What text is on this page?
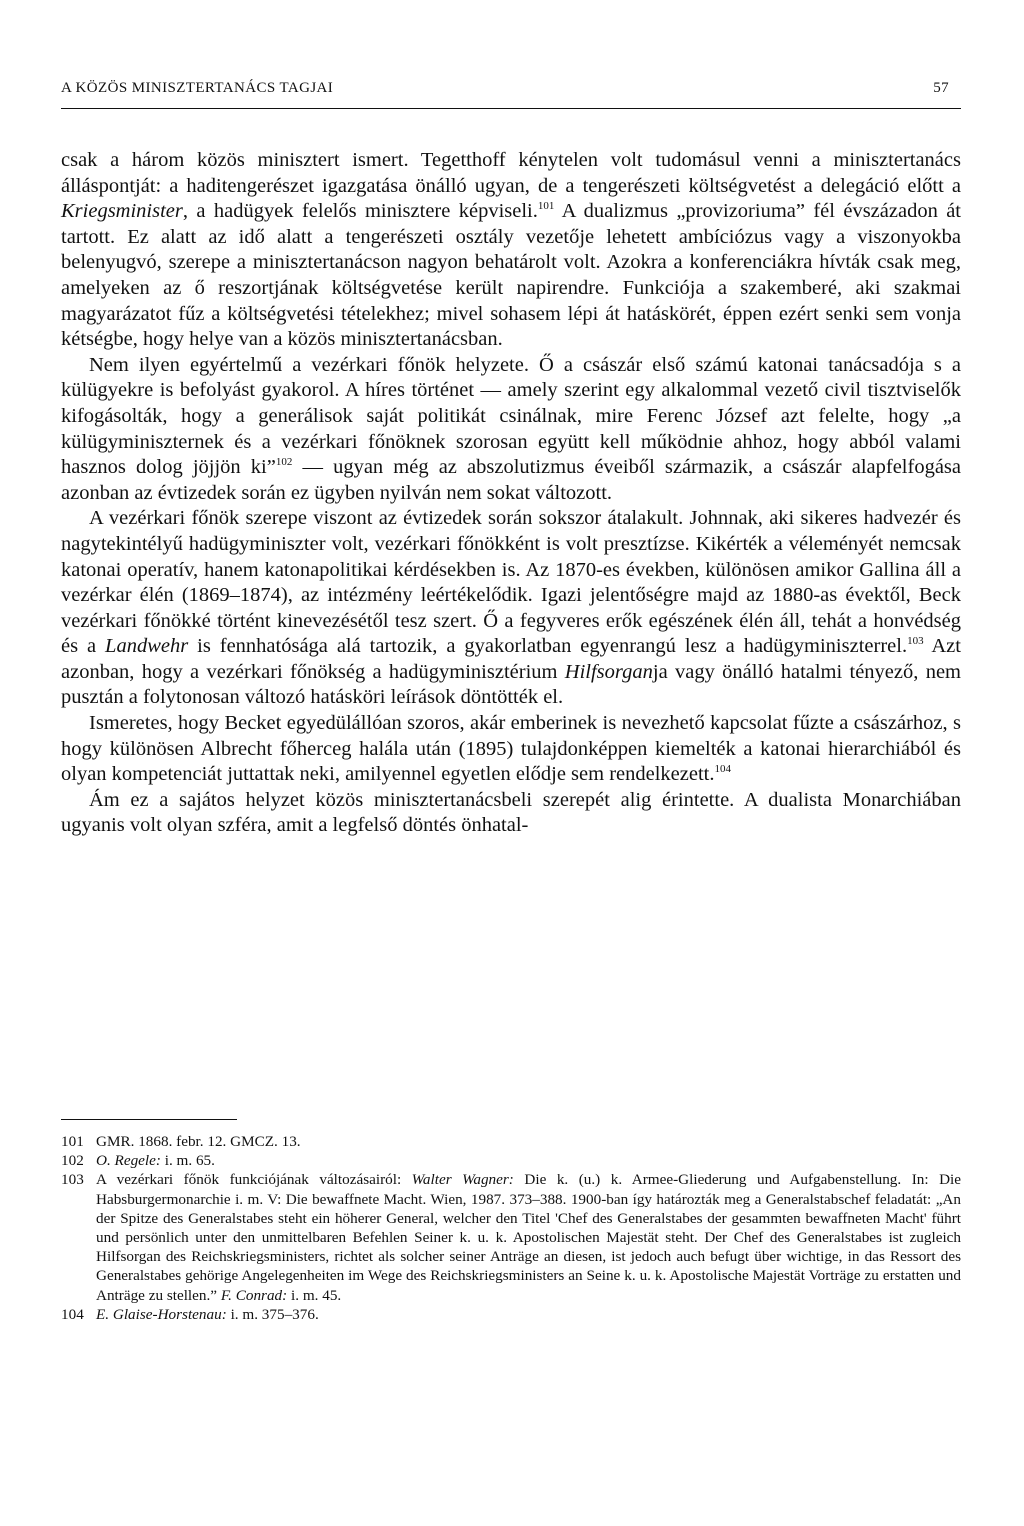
A KÖZÖS MINISZTERTANÁCS TAGJAI	57

csak a három közös minisztert ismert. Tegetthoff kénytelen volt tudomásul venni a minisztertanács álláspontját: a haditengerészet igazgatása önálló ugyan, de a tengerészeti költségvetést a delegáció előtt a Kriegsminister, a hadügyek felelős minisztere képviseli.$^{101}$ A dualizmus „provizoriuma” fél évszázadon át tartott. Ez alatt az idő alatt a tengerészeti osztály vezetője lehetett ambíciózus vagy a viszonyokba belenyugvó, szerepe a minisztertanácson nagyon behatárolt volt. Azokra a konferenciákra hívták csak meg, amelyeken az ő reszortjának költségvetése került napirendre. Funkciója a szakemberé, aki szakmai magyarázatot fűz a költségvetési tételekhez; mivel sohasem lépi át hatáskörét, éppen ezért senki sem vonja kétségbe, hogy helye van a közös minisztertanácsban.

Nem ilyen egyértelmű a vezérkari főnök helyzete. Ő a császár első számú katonai tanácsadója s a külügyekre is befolyást gyakorol. A híres történet — amely szerint egy alkalommal vezető civil tisztviselők kifogásolták, hogy a generálisok saját politikát csinálnak, mire Ferenc József azt felelte, hogy „a külügyminiszternek és a vezérkari főnöknek szorosan együtt kell működnie ahhoz, hogy abból valami hasznos dolog jöjjön ki”$^{102}$ — ugyan még az abszolutizmus éveiből származik, a császár alapfelfogása azonban az évtizedek során ez ügyben nyilván nem sokat változott.

A vezérkari főnök szerepe viszont az évtizedek során sokszor átalakult. Johnnak, aki sikeres hadvezér és nagytekintélyű hadügyminiszter volt, vezérkari főnökként is volt presztízse. Kikérték a véleményét nemcsak katonai operatív, hanem katonapolitikai kérdésekben is. Az 1870-es években, különösen amikor Gallina áll a vezérkar élén (1869–1874), az intézmény leértékelődik. Igazi jelentőségre majd az 1880-as évektől, Beck vezérkari főnökké történt kinevezésétől tesz szert. Ő a fegyveres erők egészének élén áll, tehát a honvédség és a Landwehr is fennhatósága alá tartozik, a gyakorlatban egyenrangú lesz a hadügyminiszterrel.$^{103}$ Azt azonban, hogy a vezérkari főnökség a hadügyminisztérium Hilfsorganja vagy önálló hatalmi tényező, nem pusztán a folytonosan változó hatásköri leírások döntötték el.

Ismeretes, hogy Becket egyedülállóan szoros, akár emberinek is nevezhető kapcsolat fűzte a császárhoz, s hogy különösen Albrecht főherceg halála után (1895) tulajdonképpen kiemelték a katonai hierarchiából és olyan kompetenciát juttattak neki, amilyennel egyetlen elődje sem rendelkezett.$^{104}$

Ám ez a sajátos helyzet közös minisztertanácsbeli szerepét alig érintette. A dualista Monarchiában ugyanis volt olyan szféra, amit a legfelső döntés önhatal-

101 GMR. 1868. febr. 12. GMCZ. 13.

102 O. Regele: i. m. 65.

103 A vezérkari főnök funkciójának változásairól: Walter Wagner: Die k. (u.) k. Armee-Gliederung und Aufgabenstellung. In: Die Habsburgermonarchie i. m. V: Die bewaffnete Macht. Wien, 1987. 373–388. 1900-ban így határozták meg a Generalstabschef feladatát: „An der Spitze des Generalstabes steht ein höherer General, welcher den Titel 'Chef des Generalstabes der gesammten bewaffneten Macht' führt und persönlich unter den unmittelbaren Befehlen Seiner k. u. k. Apostolischen Majestät steht. Der Chef des Generalstabes ist zugleich Hilfsorgan des Reichskriegsministers, richtet als solcher seiner Anträge an diesen, ist jedoch auch befugt über wichtige, in das Ressort des Generalstabes gehörige Angelegenheiten im Wege des Reichskriegsministers an Seine k. u. k. Apostolische Majestät Vorträge zu erstatten und Anträge zu stellen.” F. Conrad: i. m. 45.

104 E. Glaise-Horstenau: i. m. 375–376.
